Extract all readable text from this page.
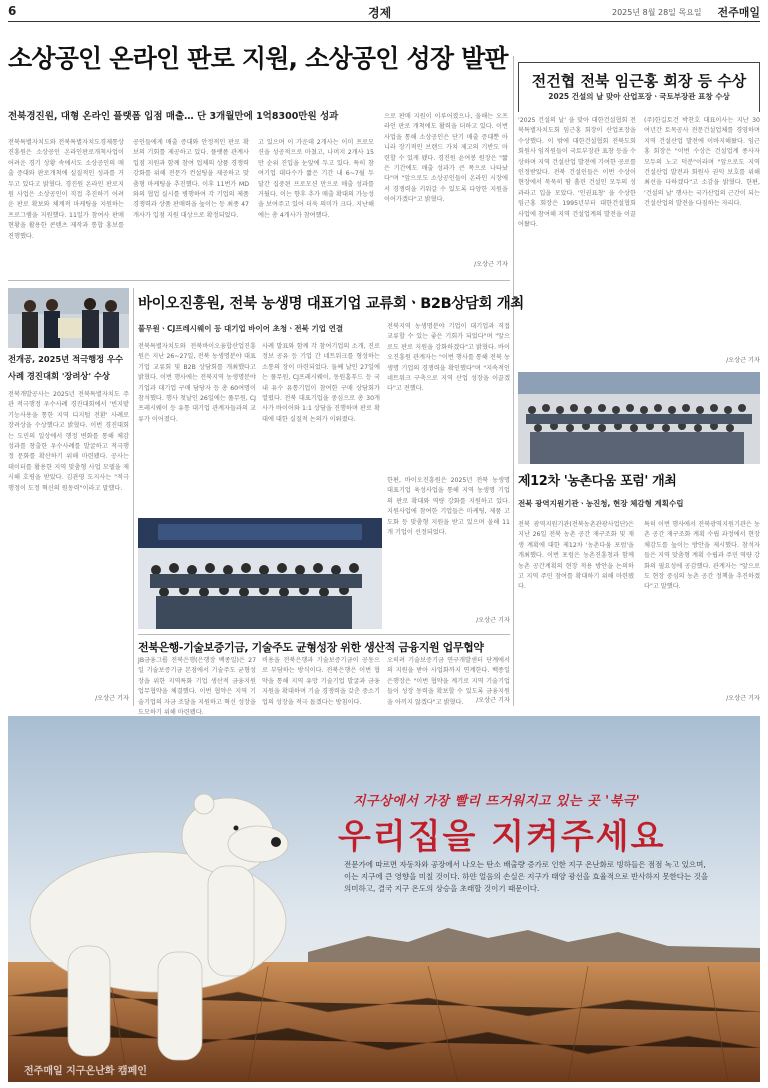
6	경제	2025년 8월 28일 목요일 전주매일
소상공인 온라인 판로 지원, 소상공인 성장 발판
전북경진원, 대형 온라인 플랫폼 입점 매출… 단 3개월만에 1억8300만원 성과
전북특별자치도와 전북특별자치도경제통상진흥원은 소상공인 온라인판로개척사업이 어려운 경기 상황 속에서도 소상공인의 매출 증대와 판로개척에 실질적인 성과를 거두고 있다고 밝혔다. 경진원 온라인 판로지원 사업은 소상공인이 직접 추진하기 어려운 판로 확보와 체계적 마케팅을 지원하는 프로그램을 지원했다. 11일가 참여사 판매현황을 활용한 콘텐츠 제작과 통합 홍보를 진행했다.
공인들에게 매출 증대와 안정적인 판로 확보의 기회를 제공하고 있다. 플랫폼 관계사 입점 지원과 함께 참여 업체의 상품 경쟁력 강화를 위해 전문가 컨설팅을 제공하고 맞춤형 마케팅을 추진했다. 이후 11번가 MD와의 협업 실시를 병행하여 각 기업의 제품 경쟁력과 상품 판매력을 높이는 등 최종 47개사가 입점 지원 대상으로 확정되었다.
고 있으며 이 가운데 2개사는 이미 프로모션을 성공적으로 마쳤고, 나머지 2개사 15만 순위 진입을 눈앞에 두고 있다. 특히 참여기업 대다수가 짧은 기간 내 6~7월 두 달간 집중된 프로모션 만으로 매출 성과를 거뒀다. 이는 향후 추가 매출 확대의 가능성을 보여주고 있어 더욱 의미가 크다. 지난해에는 총 4개사가 참여했다.
으로 판매 지원이 이루어졌으나, 올해는 오프라인 판로 개척에도 활력을 더하고 있다. 이번 사업을 통해 소상공인은 단기 매출 증대뿐 아니라 장기적인 브랜드 가치 제고의 기반도 마련할 수 있게 됐다. 경진원 윤여봉 원장은 "짧은 기간에도 매출 성과가 큰 폭으로 나타났다"며 "앞으로도 소상공인들이 온라인 시장에서 경쟁력을 키워갈 수 있도록 다양한 지원을 이어가겠다"고 밝혔다.
/오상근 기자
전건협 전북 임근홍 회장 등 수상
2025 건설의 날 맞아 산업포장ㆍ국토부장관 표창 수상
'2025 건설의 날' 을 맞아 대한건설협회 전북특별자치도회 임근홍 회장이 산업포장을 수상했다. 이 밖에 대한건설협회 전북도회 회원사 임직원들이 국토부장관 표창 등을 수상하며 지역 건설산업 발전에 기여한 공로를 인정받았다. 전북 건설인들은 이번 수상이 현장에서 묵묵히 땀 흘린 건설인 모두의 성과라고 입을 모았다. '인권표창' 을 수상한 임근홍 회장은 1995년부터 대한건설협회 사업에 참여해 지역 건설업계의 발전을 이끌어왔다.
(주)한길토건 박찬호 대표이사는 지난 30여년간 토목공사 전문건설업체를 경영하며 지역 건설산업 발전에 이바지해왔다. 임근홍 회장은 "이번 수상은 건설업계 종사자 모두의 노고 덕분"이라며 "앞으로도 지역 건설산업 발전과 회원사 권익 보호를 위해 최선을 다하겠다"고 소감을 밝혔다. 한편, '건설의 날' 행사는 국가산업의 근간이 되는 건설산업의 발전을 다짐하는 자리다.
/오상근 기자
전개공, 2025년 적극행정 우수
사례 경진대회 '장려상' 수상
전북개발공사는 2025년 전북특별자치도 주관 적극행정 우수사례 경진대회에서 '빈지밭 기능사용을 통한 지역 디지털 전환' 사례로 장려상을 수상했다고 밝혔다. 이번 경진대회는 도민의 일상에서 행정 변화를 통해 체감 성과를 창출한 우수사례를 발굴하고 적극행정 문화를 확산하기 위해 마련됐다. 공사는 데이터를 활용한 지역 맞춤형 사업 모델을 제시해 호평을 받았다. 김관영 도지사는 "적극행정이 도정 혁신의 원동력"이라고 말했다.
/오상근 기자
바이오진흥원, 전북 농생명 대표기업 교류회ㆍB2B상담회 개최
풀무원ㆍCJ프레시웨이 등 대기업 바이어 초청ㆍ전북 기업 연결
전북특별자치도와 전북바이오융합산업진흥원은 지난 26~27일, 전북 농생명분야 대표기업 교류회 및 B2B 상담회를 개최했다고 밝혔다. 이번 행사에는 전북지역 농생명분야 기업과 대기업 구매 담당자 등 총 60여명이 참석했다. 행사 첫날인 26일에는 풀무원, CJ프레시웨이 등 유통 대기업 관계자들과의 교류가 이어졌다.
사례 발표와 함께 각 참여기업의 소개, 진로 정보 공유 등 기업 간 네트워크를 형성하는 소통의 장이 마련되었다. 둘째 날인 27일에는 풀무원, CJ프레시웨이, 동원홈푸드 등 국내 유수 유통기업이 참여한 구매 상담회가 열렸다. 전북 대표기업을 중심으로 총 30개사가 바이어와 1:1 상담을 진행하며 판로 확대에 대한 실질적 논의가 이뤄졌다.
전북지역 농생명분야 기업이 대기업과 직접 교류할 수 있는 좋은 기회가 되었다"며 "앞으로도 판로 지원을 강화하겠다"고 밝혔다. 바이오진흥원 관계자는 "이번 행사를 통해 전북 농생명 기업의 경쟁력을 확인했다"며 "지속적인 네트워크 구축으로 지역 산업 성장을 이끌겠다"고 전했다.
한편, 바이오진흥원은 2025년 전북 농생명 대표기업 육성사업을 통해 지역 농생명 기업의 판로 확대와 역량 강화를 지원하고 있다. 지원사업에 참여한 기업들은 마케팅, 제품 고도화 등 맞춤형 지원을 받고 있으며 올해 11개 기업이 선정되었다.
/오상근 기자
전북은행-기술보증기금, 기술주도 균형성장 위한 생산적 금융지원 업무협약
JB금융그룹 전북은행(은행장 백종일)은 27일 기술보증기금 본점에서 기술주도 균형성장을 위한 지역특화 기업 생산적 금융지원 업무협약을 체결했다. 이번 협약은 지역 기술기업의 자금 조달을 지원하고 혁신 성장을 도모하기 위해 마련됐다.
비용을 전북은행과 기술보증기금이 공동으로 부담하는 방식이다. 전북은행은 이번 협약을 통해 지역 유망 기술기업 발굴과 금융지원을 확대하며 기술 경쟁력을 갖춘 중소기업의 성장을 적극 돕겠다는 방침이다.
오히려 기술보증기금 연구개발센터 단계에서의 지원을 받아 사업화까지 연계한다. 백종일 은행장은 "이번 협약을 계기로 지역 기술기업들이 성장 동력을 확보할 수 있도록 금융지원을 아끼지 않겠다"고 밝혔다.	/오상근 기자
제12차 '농촌다움 포럼' 개최
전북 광역지원기관ㆍ농진청, 현장 체감형 계획수립
전북 광역지원기관(전북농촌관광사업단)은 지난 26일 전북 농촌 공간 재구조화 및 재생 계획에 대한 제12차 '농촌다움 포럼'을 개최했다. 이번 포럼은 농촌진흥청과 함께 농촌 공간계획의 현장 적용 방안을 논의하고 지역 주민 참여를 확대하기 위해 마련됐다.
특히 이번 행사에서 전북광역지원기관은 농촌 공간 재구조화 계획 수립 과정에서 현장 체감도를 높이는 방안을 제시했다. 참석자들은 지역 맞춤형 계획 수립과 주민 역량 강화의 필요성에 공감했다. 관계자는 "앞으로도 현장 중심의 농촌 공간 정책을 추진하겠다"고 말했다.
/오상근 기자
지구상에서 가장 빨리 뜨거워지고 있는 곳 '북극'
우리집을 지켜주세요
전문가에 따르면 자동차와 공장에서 나오는 탄소 배출량 증가로 인한 지구 온난화로 빙하들은 점점 녹고 있으며, 이는 지구에 큰 영향을 미칠 것이다. 하얀 얼음의 손실은 지구가 태양 광선을 효율적으로 반사하지 못한다는 것을 의미하고, 결국 지구 온도의 상승을 초래할 것이기 때문이다.
전주매일 지구온난화 캠페인
